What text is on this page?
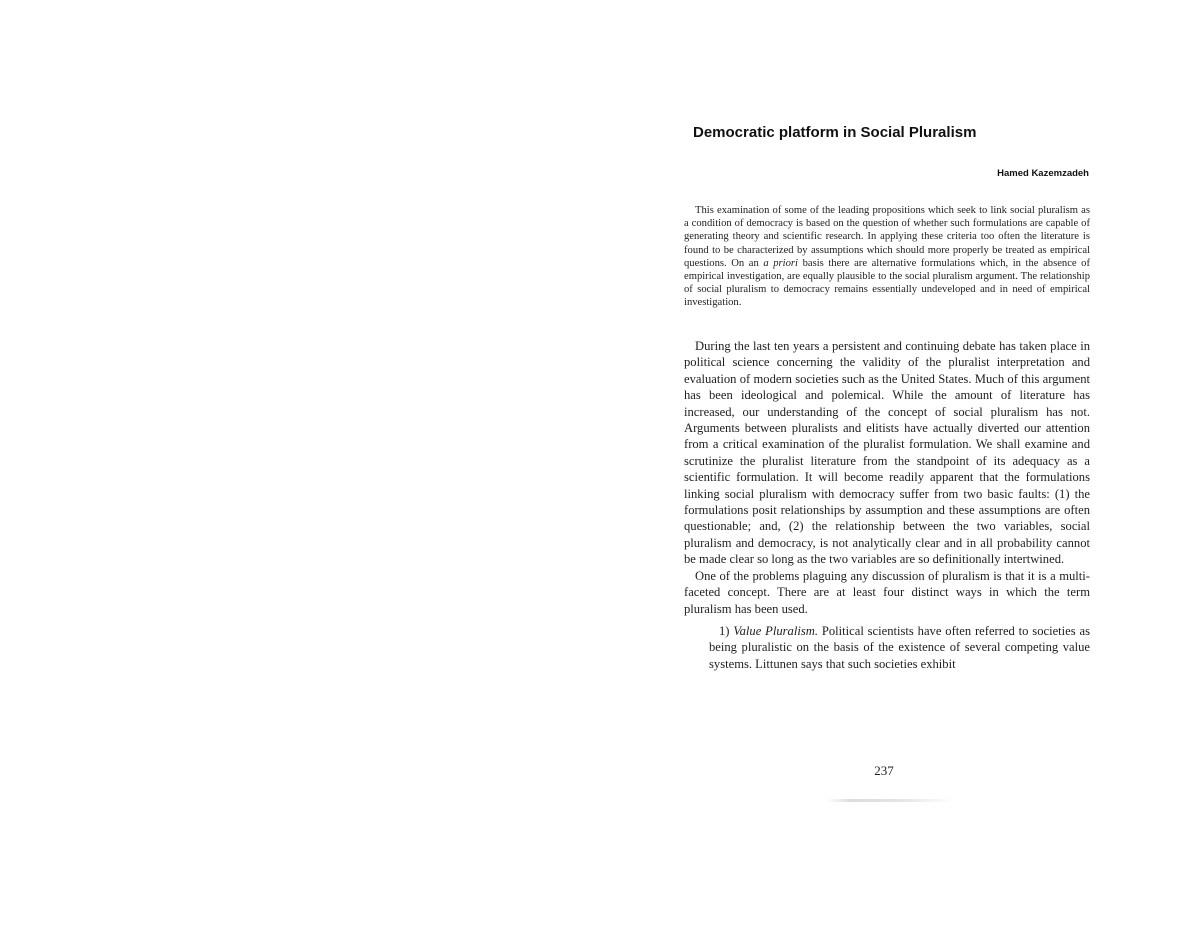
Democratic platform in Social Pluralism
Hamed Kazemzadeh

This examination of some of the leading propositions which seek to link social pluralism as a condition of democracy is based on the question of whether such formulations are capable of generating theory and scientific research. In applying these criteria too often the literature is found to be characterized by assumptions which should more properly be treated as empirical questions. On an a priori basis there are alternative formulations which, in the absence of empirical investigation, are equally plausible to the social pluralism argument. The relationship of social pluralism to democracy remains essentially undeveloped and in need of empirical investigation.

During the last ten years a persistent and continuing debate has taken place in political science concerning the validity of the pluralist interpretation and evaluation of modern societies such as the United States. Much of this argument has been ideological and polemical. While the amount of literature has increased, our understanding of the concept of social pluralism has not. Arguments between pluralists and elitists have actually diverted our attention from a critical examination of the pluralist formulation. We shall examine and scrutinize the pluralist literature from the standpoint of its adequacy as a scientific formulation. It will become readily apparent that the formulations linking social pluralism with democracy suffer from two basic faults: (1) the formulations posit relationships by assumption and these assumptions are often questionable; and, (2) the relationship between the two variables, social pluralism and democracy, is not analytically clear and in all probability cannot be made clear so long as the two variables are so definitionally intertwined.

One of the problems plaguing any discussion of pluralism is that it is a multi-faceted concept. There are at least four distinct ways in which the term pluralism has been used.

1) Value Pluralism. Political scientists have often referred to societies as being pluralistic on the basis of the existence of several competing value systems. Littunen says that such societies exhibit

237
